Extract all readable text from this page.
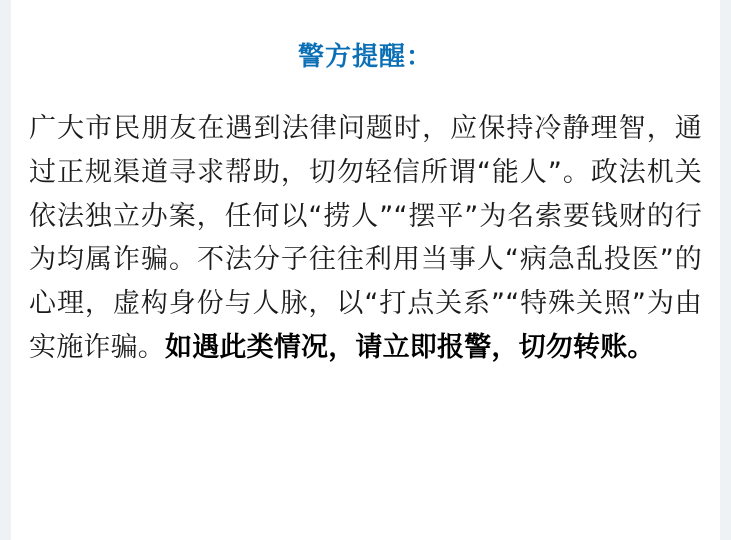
警方提醒：

广大市民朋友在遇到法律问题时，应保持冷静理智，通过正规渠道寻求帮助，切勿轻信所谓“能人”。政法机关依法独立办案，任何以“捞人”“摆平”为名索要钱财的行为均属诈骗。不法分子往往利用当事人“病急乱投医”的心理，虚构身份与人脉，以“打点关系”“特殊关照”为由实施诈骗。如遇此类情况，请立即报警，切勿转账。
